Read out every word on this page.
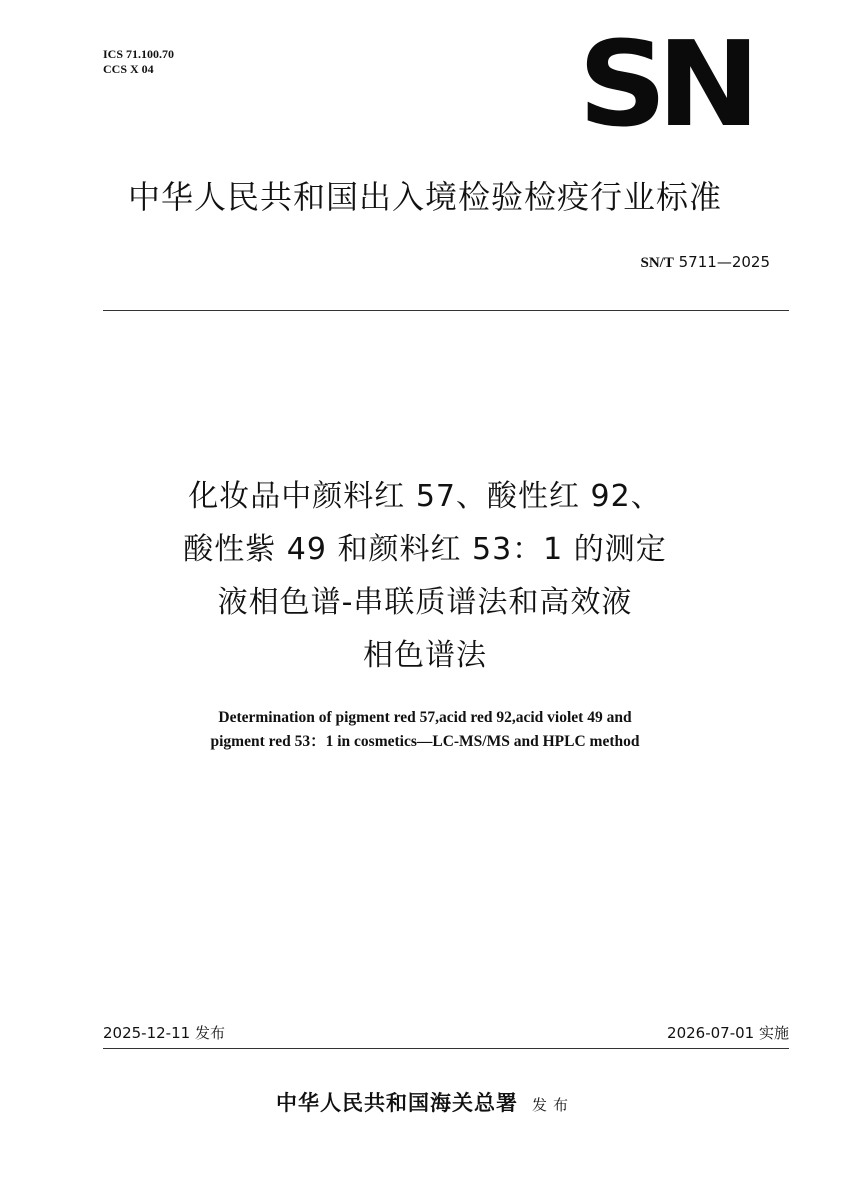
ICS 71.100.70
CCS X 04	SN
中华人民共和国出入境检验检疫行业标准
SN/T 5711—2025
化妆品中颜料红 57、酸性红 92、
酸性紫 49 和颜料红 53：1 的测定
液相色谱-串联质谱法和高效液
相色谱法
Determination of pigment red 57,acid red 92,acid violet 49 and
pigment red 53：1 in cosmetics—LC-MS/MS and HPLC method
2025-12-11 发布	2026-07-01 实施
中华人民共和国海关总署 发布
